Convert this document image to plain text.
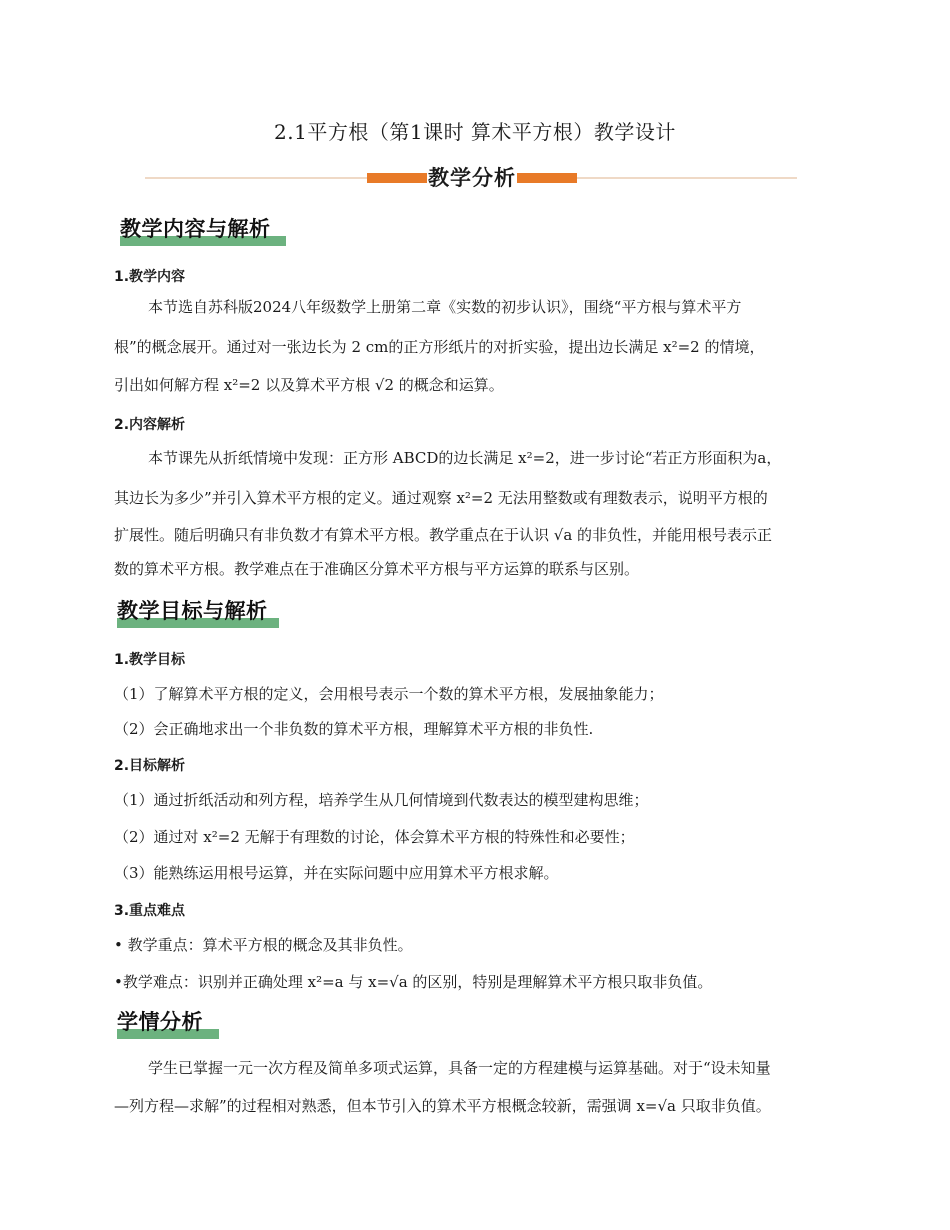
2.1平方根（第1课时 算术平方根）教学设计
教学分析
教学内容与解析
1.教学内容
本节选自苏科版2024八年级数学上册第二章《实数的初步认识》，围绕“平方根与算术平方
根”的概念展开。通过对一张边长为 2 cm的正方形纸片的对折实验，提出边长满足 x²=2 的情境，
引出如何解方程 x²=2 以及算术平方根 √2 的概念和运算。
2.内容解析
本节课先从折纸情境中发现：正方形 ABCD的边长满足 x²=2，进一步讨论“若正方形面积为a，
其边长为多少”并引入算术平方根的定义。通过观察 x²=2 无法用整数或有理数表示，说明平方根的
扩展性。随后明确只有非负数才有算术平方根。教学重点在于认识 √a 的非负性，并能用根号表示正
数的算术平方根。教学难点在于准确区分算术平方根与平方运算的联系与区别。
教学目标与解析
1.教学目标
（1）了解算术平方根的定义，会用根号表示一个数的算术平方根，发展抽象能力；
（2）会正确地求出一个非负数的算术平方根，理解算术平方根的非负性.
2.目标解析
（1）通过折纸活动和列方程，培养学生从几何情境到代数表达的模型建构思维；
（2）通过对 x²=2 无解于有理数的讨论，体会算术平方根的特殊性和必要性；
（3）能熟练运用根号运算，并在实际问题中应用算术平方根求解。
3.重点难点
• 教学重点：算术平方根的概念及其非负性。
•教学难点：识别并正确处理 x²=a 与 x=√a 的区别，特别是理解算术平方根只取非负值。
学情分析
学生已掌握一元一次方程及简单多项式运算，具备一定的方程建模与运算基础。对于“设未知量
—列方程—求解”的过程相对熟悉，但本节引入的算术平方根概念较新，需强调 x=√a 只取非负值。
